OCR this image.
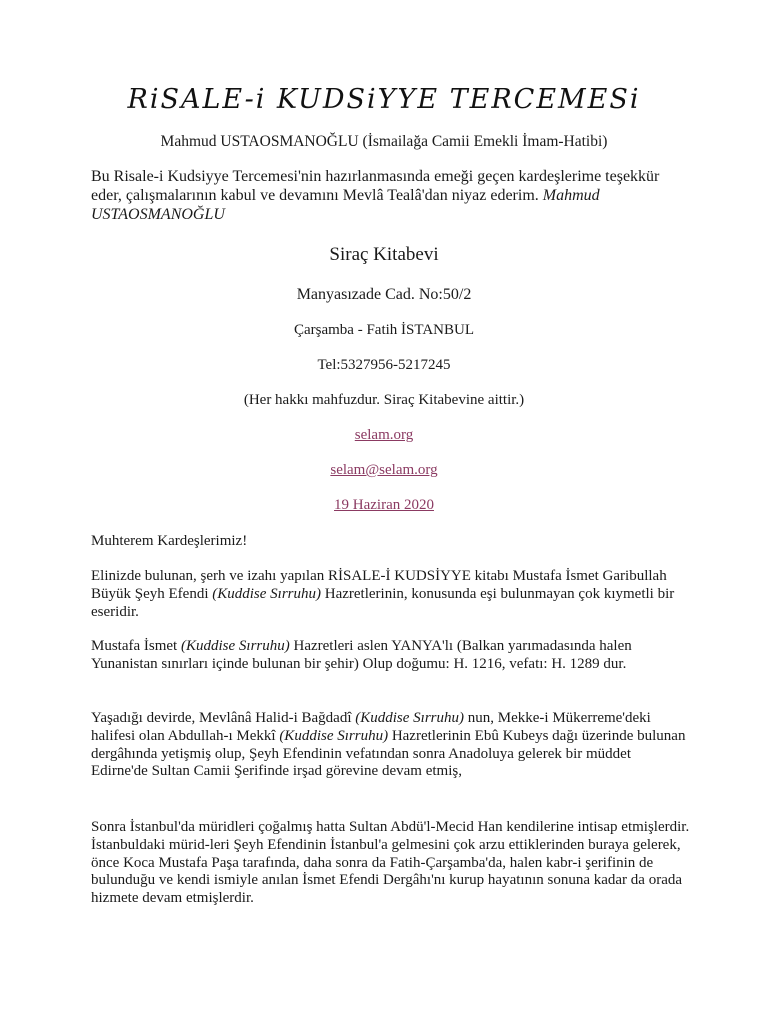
RiSALE-i KUDSiYYE TERCEMESi
Mahmud USTAOSMANOĞLU (İsmailağa Camii Emekli İmam-Hatibi)
Bu Risale-i Kudsiyye Tercemesi'nin hazırlanmasında emeği geçen kardeşlerime teşekkür eder, çalışmalarının kabul ve devamını Mevlâ Tealâ'dan niyaz ederim. Mahmud USTAOSMANOĞLU
Siraç Kitabevi
Manyasızade Cad. No:50/2
Çarşamba - Fatih İSTANBUL
Tel:5327956-5217245
(Her hakkı mahfuzdur. Siraç Kitabevine aittir.)
selam.org
selam@selam.org
19 Haziran 2020
Muhterem Kardeşlerimiz!
Elinizde bulunan, şerh ve izahı yapılan RİSALE-İ KUDSİYYE kitabı Mustafa İsmet Garibullah Büyük Şeyh Efendi (Kuddise Sırruhu) Hazretlerinin, konusunda eşi bulunmayan çok kıymetli bir eseridir.
Mustafa İsmet (Kuddise Sırruhu) Hazretleri aslen YANYA'lı (Balkan yarımadasında halen Yunanistan sınırları içinde bulunan bir şehir) Olup doğumu: H. 1216, vefatı: H. 1289 dur.
Yaşadığı devirde, Mevlânâ Halid-i Bağdadî (Kuddise Sırruhu) nun, Mekke-i Mükerreme'deki halifesi olan Abdullah-ı Mekkî (Kuddise Sırruhu) Hazretlerinin Ebû Kubeys dağı üzerinde bulunan dergâhında yetişmiş olup, Şeyh Efendinin vefatından sonra Anadoluya gelerek bir müddet Edirne'de Sultan Camii Şerifinde irşad görevine devam etmiş,
Sonra İstanbul'da müridleri çoğalmış hatta Sultan Abdü'l-Mecid Han kendilerine intisap etmişlerdir. İstanbuldaki mürid-leri Şeyh Efendinin İstanbul'a gelmesini çok arzu ettiklerinden buraya gelerek, önce Koca Mustafa Paşa tarafında, daha sonra da Fatih-Çarşamba'da, halen kabr-i şerifinin de bulunduğu ve kendi ismiyle anılan İsmet Efendi Dergâhı'nı kurup hayatının sonuna kadar da orada hizmete devam etmişlerdir.
